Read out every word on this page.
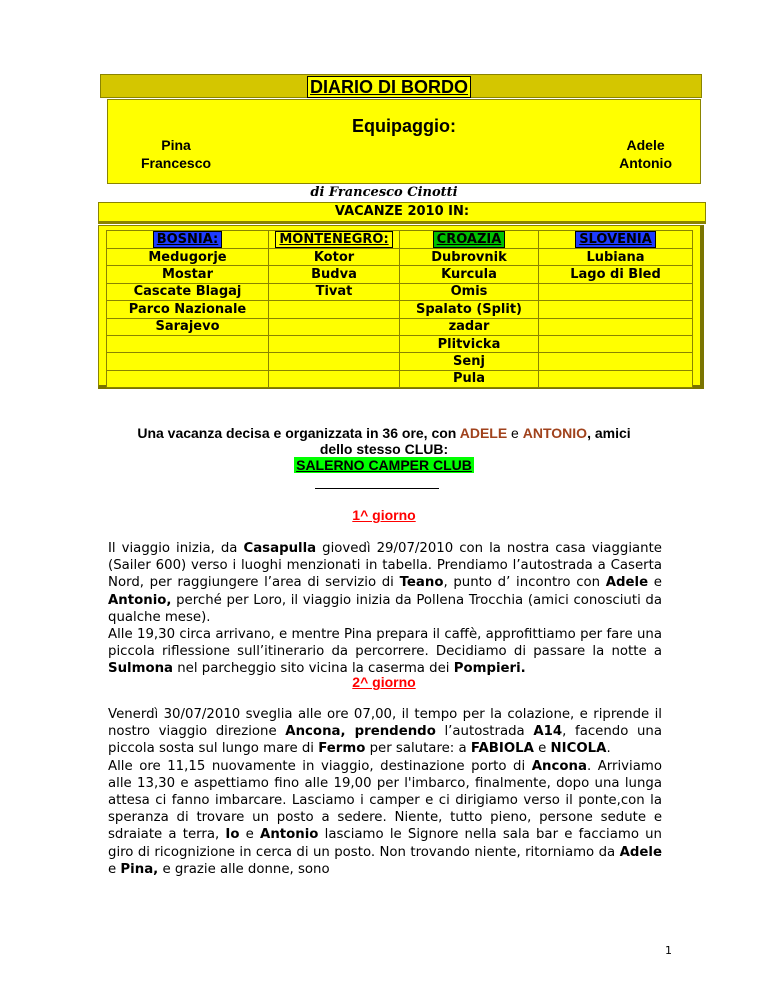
DIARIO DI BORDO
Equipaggio:
Pina
Francesco
Adele
Antonio
di Francesco Cinotti
VACANZE 2010 IN:
BOSNIA:	MONTENEGRO:	CROAZIA	SLOVENIA
Medugorje	Kotor	Dubrovnik	Lubiana
Mostar	Budva	Kurcula	Lago di Bled
Cascate Blagaj	Tivat	Omis	
Parco Nazionale		Spalato (Split)	
Sarajevo		zadar	
		Plitvicka	
		Senj	
		Pula	
Una vacanza decisa e organizzata in 36 ore, con ADELE e ANTONIO, amici
dello stesso CLUB:
SALERNO CAMPER CLUB
1^ giorno

Il viaggio inizia, da Casapulla giovedì 29/07/2010 con la nostra casa viaggiante (Sailer 600) verso i luoghi menzionati in tabella. Prendiamo l’autostrada a Caserta Nord, per raggiungere l’area di servizio di Teano, punto d’ incontro con Adele e Antonio, perché per Loro, il viaggio inizia da Pollena Trocchia (amici conosciuti da qualche mese).

Alle 19,30 circa arrivano, e mentre Pina prepara il caffè, approfittiamo per fare una piccola riflessione sull’itinerario da percorrere. Decidiamo di passare la notte a Sulmona nel parcheggio sito vicina la caserma dei Pompieri.

2^ giorno

Venerdì 30/07/2010 sveglia alle ore 07,00, il tempo per la colazione, e riprende il nostro viaggio direzione Ancona, prendendo l’autostrada A14, facendo una piccola sosta sul lungo mare di Fermo per salutare: a FABIOLA e NICOLA.

Alle ore 11,15 nuovamente in viaggio, destinazione porto di Ancona. Arriviamo alle 13,30 e aspettiamo fino alle 19,00 per l'imbarco, finalmente, dopo una lunga attesa ci fanno imbarcare. Lasciamo i camper e ci dirigiamo verso il ponte,con la speranza di trovare un posto a sedere. Niente, tutto pieno, persone sedute e sdraiate a terra, Io e Antonio lasciamo le Signore nella sala bar e facciamo un giro di ricognizione in cerca di un posto. Non trovando niente, ritorniamo da Adele e Pina, e grazie alle donne, sono

1
